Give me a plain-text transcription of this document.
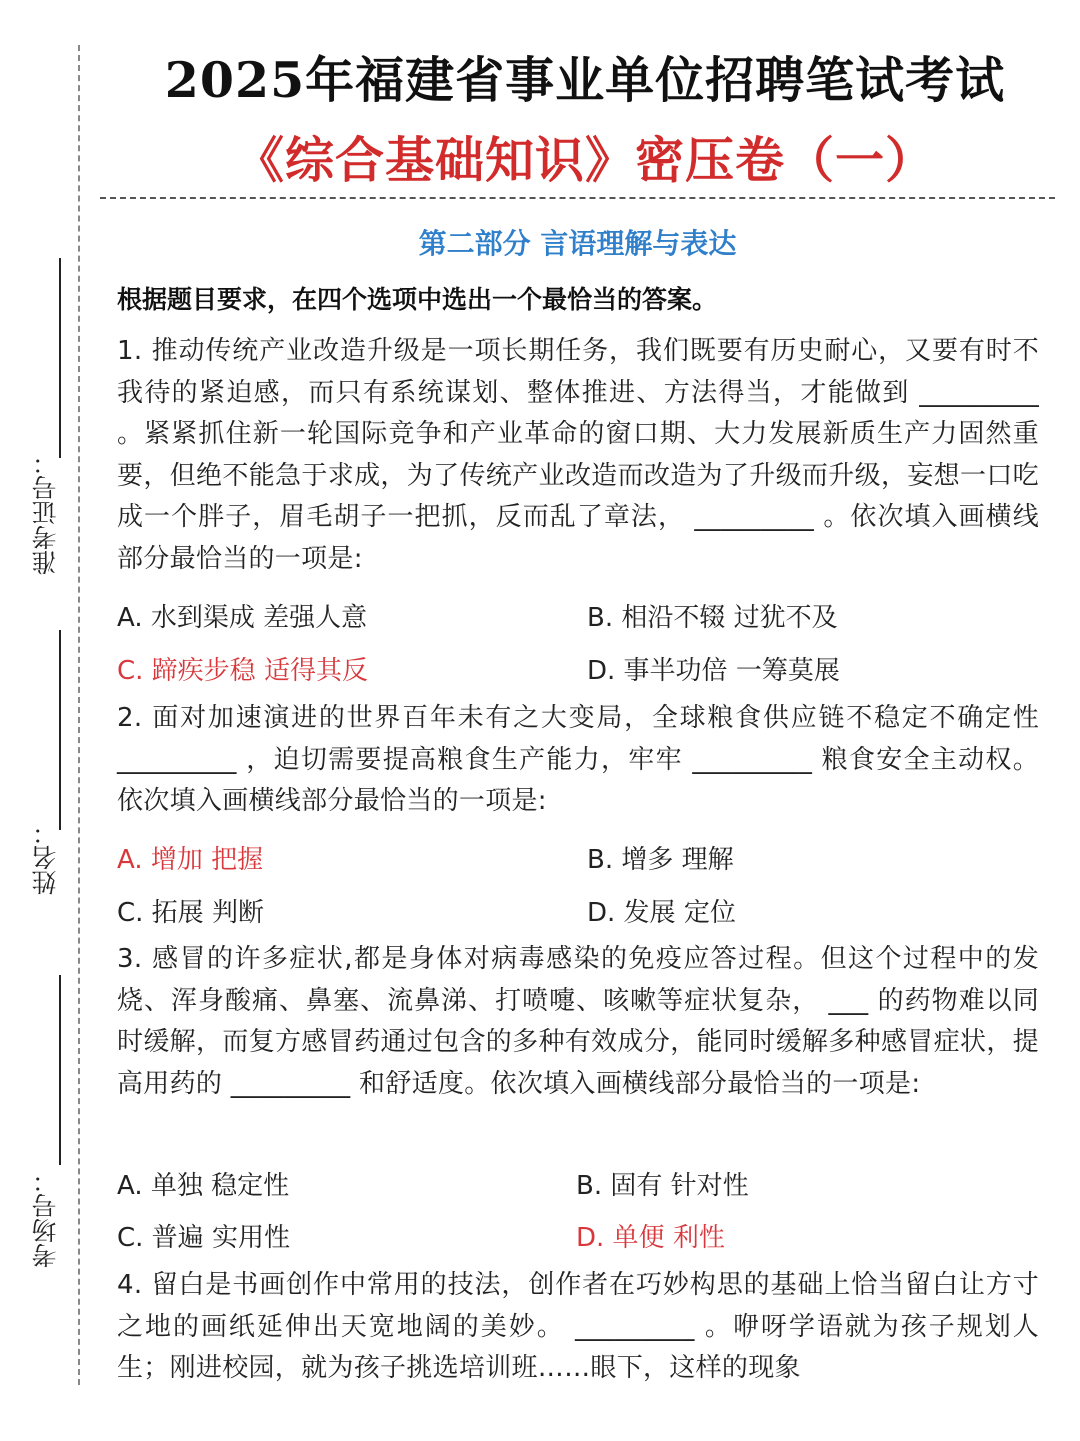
准考证号：
姓名：
考场号：
2025年福建省事业单位招聘笔试考试
《综合基础知识》密压卷（一）
第二部分 言语理解与表达
根据题目要求，在四个选项中选出一个最恰当的答案。
1. 推动传统产业改造升级是一项长期任务，我们既要有历史耐心，又要有时不我待的紧迫感，而只有系统谋划、整体推进、方法得当，才能做到 _________ 。紧紧抓住新一轮国际竞争和产业革命的窗口期、大力发展新质生产力固然重要，但绝不能急于求成，为了传统产业改造而改造为了升级而升级，妄想一口吃成一个胖子，眉毛胡子一把抓，反而乱了章法， _________ 。依次填入画横线部分最恰当的一项是:
A. 水到渠成 差强人意	B. 相沿不辍 过犹不及
C. 蹄疾步稳 适得其反	D. 事半功倍 一筹莫展
2. 面对加速演进的世界百年未有之大变局，全球粮食供应链不稳定不确定性 _________ ，迫切需要提高粮食生产能力，牢牢 _________ 粮食安全主动权。依次填入画横线部分最恰当的一项是:
A. 增加 把握	B. 增多 理解
C. 拓展 判断	D. 发展 定位
3. 感冒的许多症状,都是身体对病毒感染的免疫应答过程。但这个过程中的发烧、浑身酸痛、鼻塞、流鼻涕、打喷嚏、咳嗽等症状复杂， ___ 的药物难以同时缓解，而复方感冒药通过包含的多种有效成分，能同时缓解多种感冒症状，提高用药的 _________ 和舒适度。依次填入画横线部分最恰当的一项是:
A. 单独 稳定性	B. 固有 针对性
C. 普遍 实用性	D. 单便 利性
4. 留白是书画创作中常用的技法，创作者在巧妙构思的基础上恰当留白让方寸之地的画纸延伸出天宽地阔的美妙。 _________ 。咿呀学语就为孩子规划人生；刚进校园，就为孩子挑选培训班……眼下，这样的现象
